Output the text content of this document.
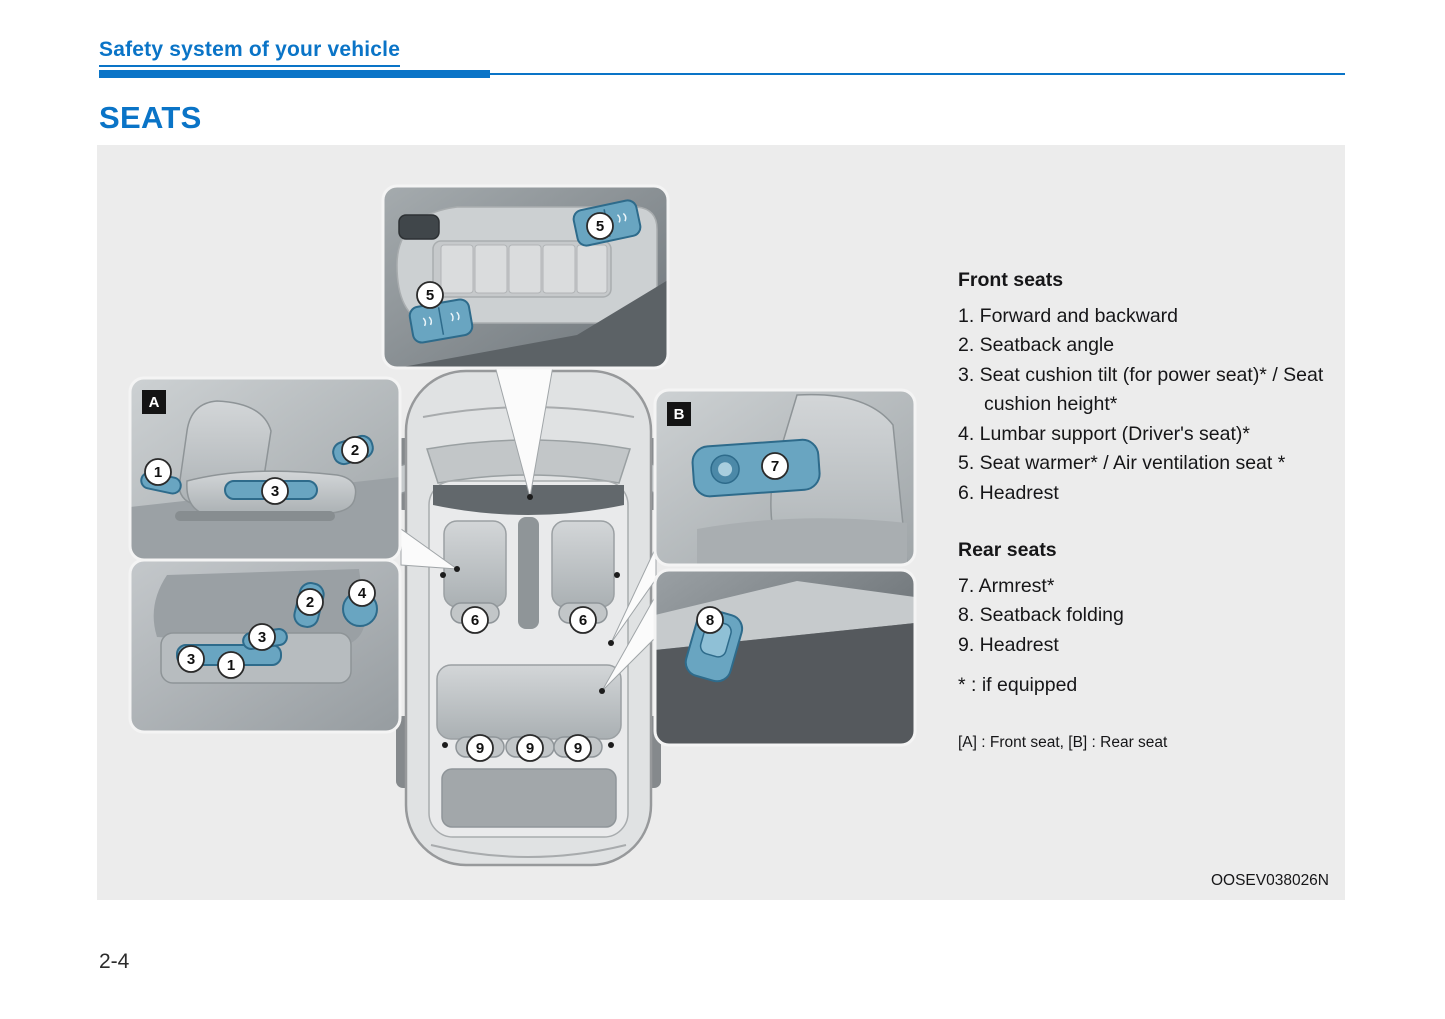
Safety system of your vehicle
SEATS
A
B
5
5
1
2
3
2
4
3
3 1
7
8
6	6
9	9	9
Front seats
1. Forward and backward
2. Seatback angle
3. Seat cushion tilt (for power seat)* / Seat cushion height*
4. Lumbar support (Driver's seat)*
5. Seat warmer* / Air ventilation seat *
6. Headrest
Rear seats
7. Armrest*
8. Seatback folding
9. Headrest
* : if equipped
[A] : Front seat, [B] : Rear seat
OOSEV038026N
2-4
